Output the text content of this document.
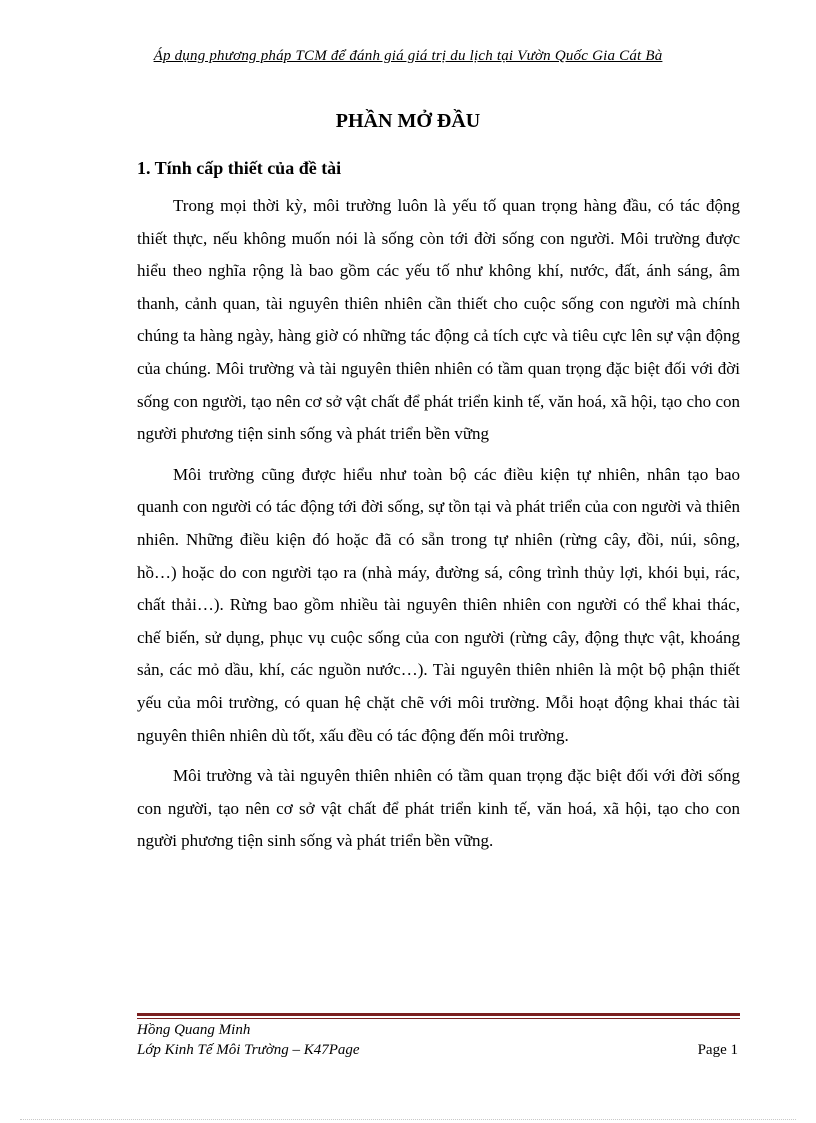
Áp dụng phương pháp TCM để đánh giá giá trị du lịch tại Vườn Quốc Gia Cát Bà
PHẦN MỞ ĐẦU
1. Tính cấp thiết của đề tài

Trong mọi thời kỳ, môi trường luôn là yếu tố quan trọng hàng đầu, có tác động thiết thực, nếu không muốn nói là sống còn tới đời sống con người. Môi trường được hiểu theo nghĩa rộng là bao gồm các yếu tố như không khí, nước, đất, ánh sáng, âm thanh, cảnh quan, tài nguyên thiên nhiên cần thiết cho cuộc sống con người mà chính chúng ta hàng ngày, hàng giờ có những tác động cả tích cực và tiêu cực lên sự vận động của chúng. Môi trường và tài nguyên thiên nhiên có tầm quan trọng đặc biệt đối với đời sống con người, tạo nên cơ sở vật chất để phát triển kinh tế, văn hoá, xã hội, tạo cho con người phương tiện sinh sống và phát triển bền vững

Môi trường cũng được hiểu như toàn bộ các điều kiện tự nhiên, nhân tạo bao quanh con người có tác động tới đời sống, sự tồn tại và phát triển của con người và thiên nhiên. Những điều kiện đó hoặc đã có sẵn trong tự nhiên (rừng cây, đồi, núi, sông, hồ…) hoặc do con người tạo ra (nhà máy, đường sá, công trình thủy lợi, khói bụi, rác, chất thải…). Rừng bao gồm nhiều tài nguyên thiên nhiên con người có thể khai thác, chế biến, sử dụng, phục vụ cuộc sống của con người (rừng cây, động thực vật, khoáng sản, các mỏ dầu, khí, các nguồn nước…). Tài nguyên thiên nhiên là một bộ phận thiết yếu của môi trường, có quan hệ chặt chẽ với môi trường. Mỗi hoạt động khai thác tài nguyên thiên nhiên dù tốt, xấu đều có tác động đến môi trường.

Môi trường và tài nguyên thiên nhiên có tầm quan trọng đặc biệt đối với đời sống con người, tạo nên cơ sở vật chất để phát triển kinh tế, văn hoá, xã hội, tạo cho con người phương tiện sinh sống và phát triển bền vững.

Hồng Quang Minh
Lớp Kinh Tế Môi Trường – K47Page	Page 1
